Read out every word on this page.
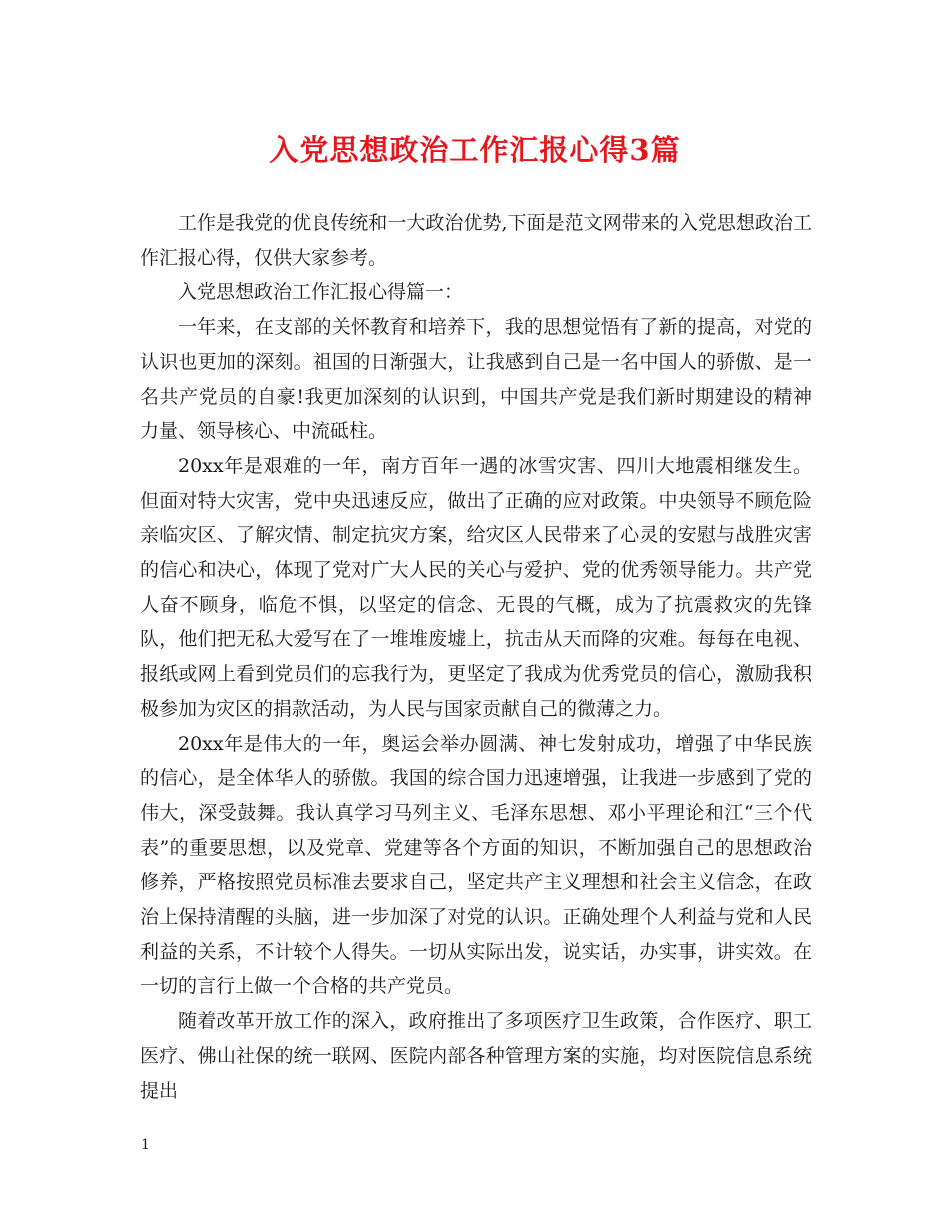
入党思想政治工作汇报心得3篇

工作是我党的优良传统和一大政治优势,下面是范文网带来的入党思想政治工作汇报心得，仅供大家参考。

入党思想政治工作汇报心得篇一：

一年来，在支部的关怀教育和培养下，我的思想觉悟有了新的提高，对党的认识也更加的深刻。祖国的日渐强大，让我感到自己是一名中国人的骄傲、是一名共产党员的自豪!我更加深刻的认识到，中国共产党是我们新时期建设的精神力量、领导核心、中流砥柱。

20xx年是艰难的一年，南方百年一遇的冰雪灾害、四川大地震相继发生。但面对特大灾害，党中央迅速反应，做出了正确的应对政策。中央领导不顾危险亲临灾区、了解灾情、制定抗灾方案，给灾区人民带来了心灵的安慰与战胜灾害的信心和决心，体现了党对广大人民的关心与爱护、党的优秀领导能力。共产党人奋不顾身，临危不惧，以坚定的信念、无畏的气概，成为了抗震救灾的先锋队，他们把无私大爱写在了一堆堆废墟上，抗击从天而降的灾难。每每在电视、报纸或网上看到党员们的忘我行为，更坚定了我成为优秀党员的信心，激励我积极参加为灾区的捐款活动，为人民与国家贡献自己的微薄之力。

20xx年是伟大的一年，奥运会举办圆满、神七发射成功，增强了中华民族的信心，是全体华人的骄傲。我国的综合国力迅速增强，让我进一步感到了党的伟大，深受鼓舞。我认真学习马列主义、毛泽东思想、邓小平理论和江“三个代表”的重要思想，以及党章、党建等各个方面的知识，不断加强自己的思想政治修养，严格按照党员标准去要求自己，坚定共产主义理想和社会主义信念，在政治上保持清醒的头脑，进一步加深了对党的认识。正确处理个人利益与党和人民利益的关系，不计较个人得失。一切从实际出发，说实话，办实事，讲实效。在一切的言行上做一个合格的共产党员。

随着改革开放工作的深入，政府推出了多项医疗卫生政策，合作医疗、职工医疗、佛山社保的统一联网、医院内部各种管理方案的实施，均对医院信息系统提出

1
